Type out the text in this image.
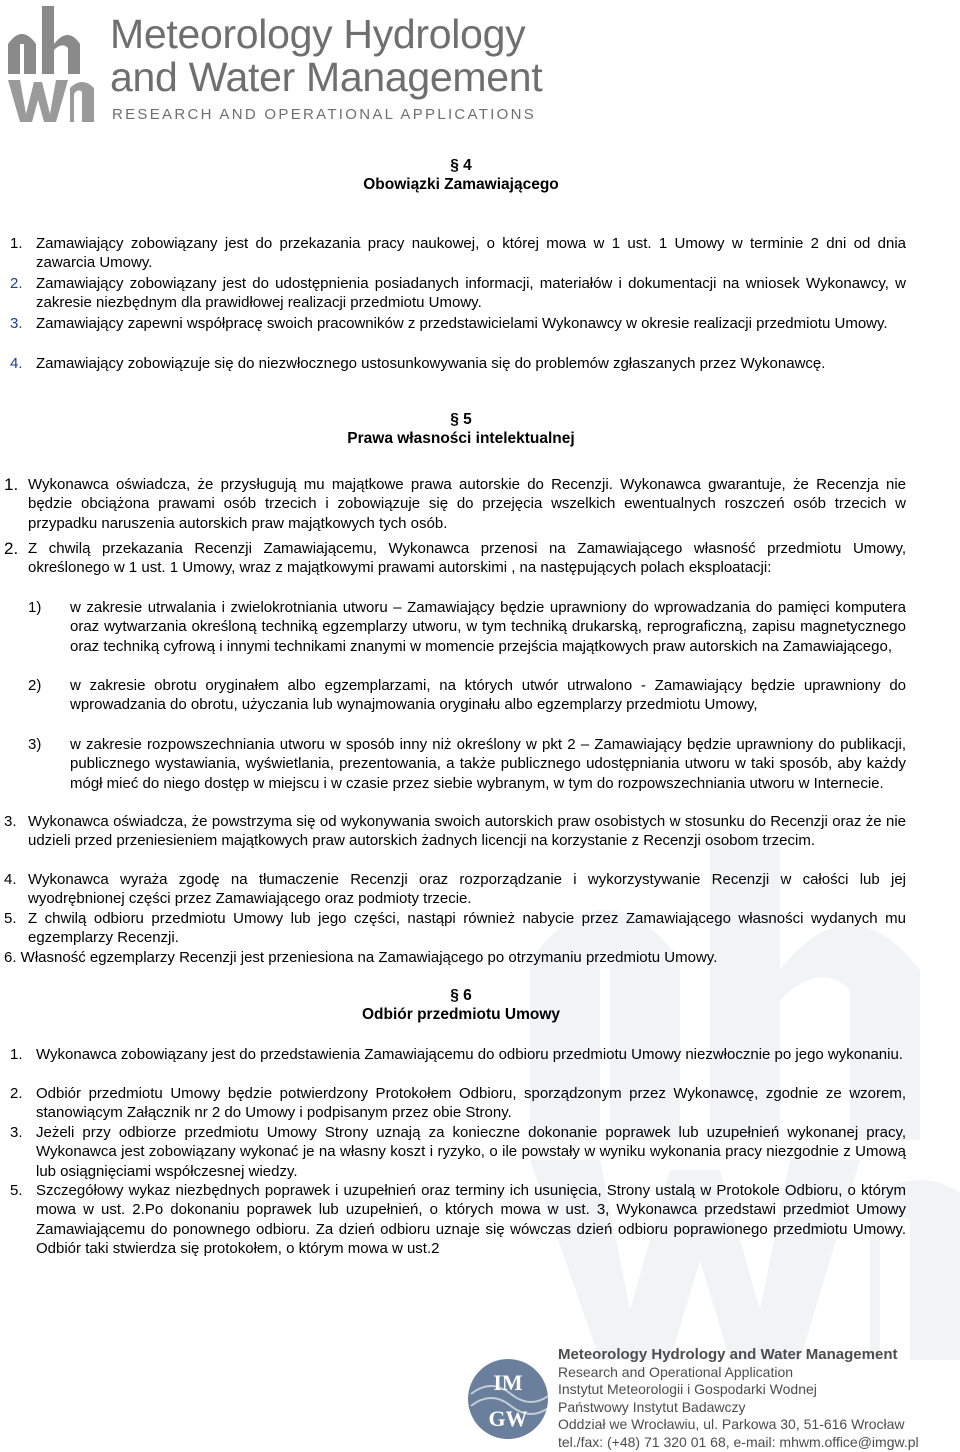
Meteorology Hydrology
and Water Management
RESEARCH AND OPERATIONAL APPLICATIONS
§ 4
Obowiązki Zamawiającego
1. Zamawiający zobowiązany jest do przekazania pracy naukowej, o której mowa w 1 ust. 1 Umowy w terminie 2 dni od dnia zawarcia Umowy.
2. Zamawiający zobowiązany jest do udostępnienia posiadanych informacji, materiałów i dokumentacji na wniosek Wykonawcy, w zakresie niezbędnym dla prawidłowej realizacji przedmiotu Umowy.
3. Zamawiający zapewni współpracę swoich pracowników z przedstawicielami Wykonawcy w okresie realizacji przedmiotu Umowy.
4. Zamawiający zobowiązuje się do niezwłocznego ustosunkowywania się do problemów zgłaszanych przez Wykonawcę.
§ 5
Prawa własności intelektualnej
1. Wykonawca oświadcza, że przysługują mu majątkowe prawa autorskie do Recenzji. Wykonawca gwarantuje, że Recenzja nie będzie obciążona prawami osób trzecich i zobowiązuje się do przejęcia wszelkich ewentualnych roszczeń osób trzecich w przypadku naruszenia autorskich praw majątkowych tych osób.
2. Z chwilą przekazania Recenzji Zamawiającemu, Wykonawca przenosi na Zamawiającego własność przedmiotu Umowy, określonego w 1 ust. 1 Umowy, wraz z majątkowymi prawami autorskimi , na następujących polach eksploatacji:
1)	w zakresie utrwalania i zwielokrotniania utworu – Zamawiający będzie uprawniony do wprowadzania do pamięci komputera oraz wytwarzania określoną techniką egzemplarzy utworu, w tym techniką drukarską, reprograficzną, zapisu magnetycznego oraz techniką cyfrową i innymi technikami znanymi w momencie przejścia majątkowych praw autorskich na Zamawiającego,
2)	w zakresie obrotu oryginałem albo egzemplarzami, na których utwór utrwalono - Zamawiający będzie uprawniony do wprowadzania do obrotu, użyczania lub wynajmowania oryginału albo egzemplarzy przedmiotu Umowy,
3)	w zakresie rozpowszechniania utworu w sposób inny niż określony w pkt 2 – Zamawiający będzie uprawniony do publikacji, publicznego wystawiania, wyświetlania, prezentowania, a także publicznego udostępniania utworu w taki sposób, aby każdy mógł mieć do niego dostęp w miejscu i w czasie przez siebie wybranym, w tym do rozpowszechniania utworu w Internecie.
3. Wykonawca oświadcza, że powstrzyma się od wykonywania swoich autorskich praw osobistych w stosunku do Recenzji oraz że nie udzieli przed przeniesieniem majątkowych praw autorskich żadnych licencji na korzystanie z Recenzji osobom trzecim.
4. Wykonawca wyraża zgodę na tłumaczenie Recenzji oraz rozporządzanie i wykorzystywanie Recenzji w całości lub jej wyodrębnionej części przez Zamawiającego oraz podmioty trzecie.
5. Z chwilą odbioru przedmiotu Umowy lub jego części, nastąpi również nabycie przez Zamawiającego własności wydanych mu egzemplarzy Recenzji.
6. Własność egzemplarzy Recenzji jest przeniesiona na Zamawiającego po otrzymaniu przedmiotu Umowy.
§ 6
Odbiór przedmiotu Umowy
1. Wykonawca zobowiązany jest do przedstawienia Zamawiającemu do odbioru przedmiotu Umowy niezwłocznie po jego wykonaniu.
2. Odbiór przedmiotu Umowy będzie potwierdzony Protokołem Odbioru, sporządzonym przez Wykonawcę, zgodnie ze wzorem, stanowiącym Załącznik nr 2 do Umowy i podpisanym przez obie Strony.
3. Jeżeli przy odbiorze przedmiotu Umowy Strony uznają za konieczne dokonanie poprawek lub uzupełnień wykonanej pracy, Wykonawca jest zobowiązany wykonać je na własny koszt i ryzyko, o ile powstały w wyniku wykonania pracy niezgodnie z Umową lub osiągnięciami współczesnej wiedzy.
5. Szczegółowy wykaz niezbędnych poprawek i uzupełnień oraz terminy ich usunięcia, Strony ustalą w Protokole Odbioru, o którym mowa w ust. 2.Po dokonaniu poprawek lub uzupełnień, o których mowa w ust. 3, Wykonawca przedstawi przedmiot Umowy Zamawiającemu do ponownego odbioru. Za dzień odbioru uznaje się wówczas dzień odbioru poprawionego przedmiotu Umowy. Odbiór taki stwierdza się protokołem, o którym mowa w ust.2
IM
GW
Meteorology Hydrology and Water Management
Research and Operational Application
Instytut Meteorologii i Gospodarki Wodnej
Państwowy Instytut Badawczy
Oddział we Wrocławiu, ul. Parkowa 30, 51-616 Wrocław
tel./fax: (+48) 71 320 01 68, e-mail: mhwm.office@imgw.pl
